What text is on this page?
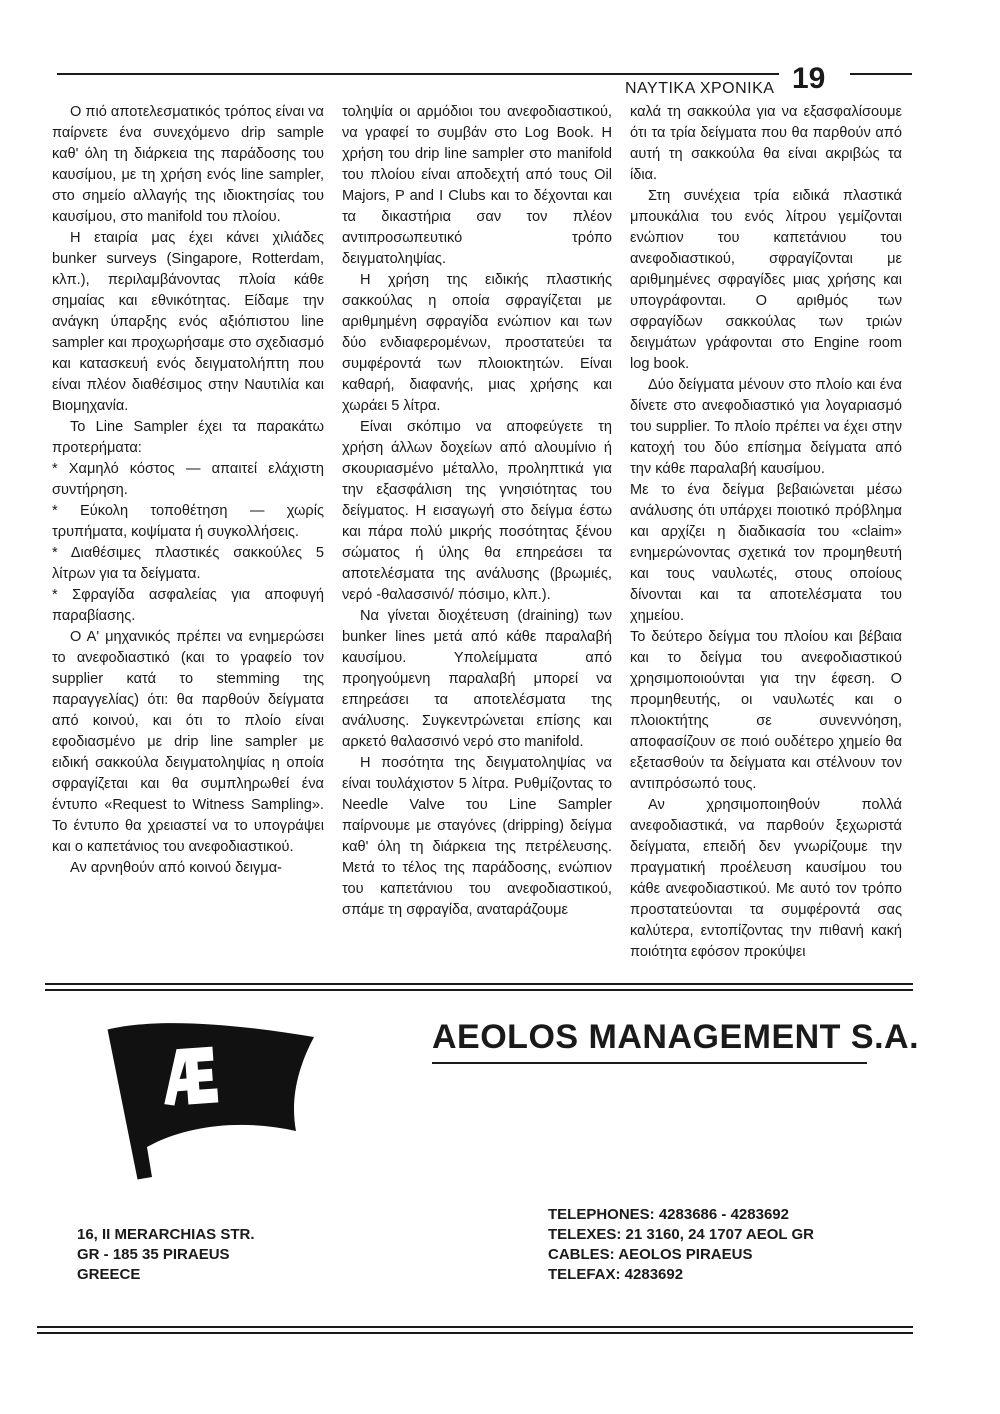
ΝΑΥΤΙΚΑ ΧΡΟΝΙΚΑ 19

Ο πιό αποτελεσματικός τρόπος είναι να παίρνετε ένα συνεχόμενο drip sample καθ' όλη τη διάρκεια της παράδοσης του καυσίμου, με τη χρήση ενός line sampler, στο σημείο αλλαγής της ιδιοκτησίας του καυσίμου, στο manifold του πλοίου.

Η εταιρία μας έχει κάνει χιλιάδες bunker surveys (Singapore, Rotterdam, κλπ.), περιλαμβάνοντας πλοία κάθε σημαίας και εθνικότητας. Είδαμε την ανάγκη ύπαρξης ενός αξιόπιστου line sampler και προχωρήσαμε στο σχεδιασμό και κατασκευή ενός δειγματολήπτη που είναι πλέον διαθέσιμος στην Ναυτιλία και Βιομηχανία.

Το Line Sampler έχει τα παρακάτω προτερήματα:

* Χαμηλό κόστος — απαιτεί ελάχιστη συντήρηση.

* Εύκολη τοποθέτηση — χωρίς τρυπήματα, κοψίματα ή συγκολλήσεις.

* Διαθέσιμες πλαστικές σακκούλες 5 λίτρων για τα δείγματα.

* Σφραγίδα ασφαλείας για αποφυγή παραβίασης.

Ο Α' μηχανικός πρέπει να ενημερώσει το ανεφοδιαστικό (και το γραφείο τον supplier κατά το stemming της παραγγελίας) ότι: θα παρθούν δείγματα από κοινού, και ότι το πλοίο είναι εφοδιασμένο με drip line sampler με ειδική σακκούλα δειγματοληψίας η οποία σφραγίζεται και θα συμπληρωθεί ένα έντυπο «Request to Witness Sampling». Το έντυπο θα χρειαστεί να το υπογράψει και ο καπετάνιος του ανεφοδιαστικού.

Αν αρνηθούν από κοινού δειγμα-

τοληψία οι αρμόδιοι του ανεφοδιαστικού, να γραφεί το συμβάν στο Log Book. Η χρήση του drip line sampler στο manifold του πλοίου είναι αποδεχτή από τους Oil Majors, P and I Clubs και το δέχονται και τα δικαστήρια σαν τον πλέον αντιπροσωπευτικό τρόπο δειγματοληψίας.

Η χρήση της ειδικής πλαστικής σακκούλας η οποία σφραγίζεται με αριθμημένη σφραγίδα ενώπιον και των δύο ενδιαφερομένων, προστατεύει τα συμφέροντά των πλοιοκτητών. Είναι καθαρή, διαφανής, μιας χρήσης και χωράει 5 λίτρα.

Είναι σκόπιμο να αποφεύγετε τη χρήση άλλων δοχείων από αλουμίνιο ή σκουριασμένο μέταλλο, προληπτικά για την εξασφάλιση της γνησιότητας του δείγματος. Η εισαγωγή στο δείγμα έστω και πάρα πολύ μικρής ποσότητας ξένου σώματος ή ύλης θα επηρεάσει τα αποτελέσματα της ανάλυσης (βρωμιές, νερό -θαλασσινό/ πόσιμο, κλπ.).

Να γίνεται διοχέτευση (draining) των bunker lines μετά από κάθε παραλαβή καυσίμου. Υπολείμματα από προηγούμενη παραλαβή μπορεί να επηρεάσει τα αποτελέσματα της ανάλυσης. Συγκεντρώνεται επίσης και αρκετό θαλασσινό νερό στο manifold.

Η ποσότητα της δειγματοληψίας να είναι τουλάχιστον 5 λίτρα. Ρυθμίζοντας το Needle Valve του Line Sampler παίρνουμε με σταγόνες (dripping) δείγμα καθ' όλη τη διάρκεια της πετρέλευσης. Μετά το τέλος της παράδοσης, ενώπιον του καπετάνιου του ανεφοδιαστικού, σπάμε τη σφραγίδα, αναταράζουμε

καλά τη σακκούλα για να εξασφαλίσουμε ότι τα τρία δείγματα που θα παρθούν από αυτή τη σακκούλα θα είναι ακριβώς τα ίδια.

Στη συνέχεια τρία ειδικά πλαστικά μπουκάλια του ενός λίτρου γεμίζονται ενώπιον του καπετάνιου του ανεφοδιαστικού, σφραγίζονται με αριθμημένες σφραγίδες μιας χρήσης και υπογράφονται. Ο αριθμός των σφραγίδων σακκούλας των τριών δειγμάτων γράφονται στο Engine room log book.

Δύο δείγματα μένουν στο πλοίο και ένα δίνετε στο ανεφοδιαστικό για λογαριασμό του supplier. Το πλοίο πρέπει να έχει στην κατοχή του δύο επίσημα δείγματα από την κάθε παραλαβή καυσίμου.

Με το ένα δείγμα βεβαιώνεται μέσω ανάλυσης ότι υπάρχει ποιοτικό πρόβλημα και αρχίζει η διαδικασία του «claim» ενημερώνοντας σχετικά τον προμηθευτή και τους ναυλωτές, στους οποίους δίνονται και τα αποτελέσματα του χημείου.

Το δεύτερο δείγμα του πλοίου και βέβαια και το δείγμα του ανεφοδιαστικού χρησιμοποιούνται για την έφεση. Ο προμηθευτής, οι ναυλωτές και ο πλοιοκτήτης σε συνεννόηση, αποφασίζουν σε ποιό ουδέτερο χημείο θα εξετασθούν τα δείγματα και στέλνουν τον αντιπρόσωπό τους.

Αν χρησιμοποιηθούν πολλά ανεφοδιαστικά, να παρθούν ξεχωριστά δείγματα, επειδή δεν γνωρίζουμε την πραγματική προέλευση καυσίμου του κάθε ανεφοδιαστικού. Με αυτό τον τρόπο προστατεύονται τα συμφέροντά σας καλύτερα, εντοπίζοντας την πιθανή κακή ποιότητα εφόσον προκύψει

AEOLOS MANAGEMENT S.A.
16, II MERARCHIAS STR.
GR - 185 35 PIRAEUS
GREECE
TELEPHONES: 4283686 - 4283692
TELEXES: 21 3160, 24 1707 AEOL GR
CABLES: AEOLOS PIRAEUS
TELEFAX: 4283692
